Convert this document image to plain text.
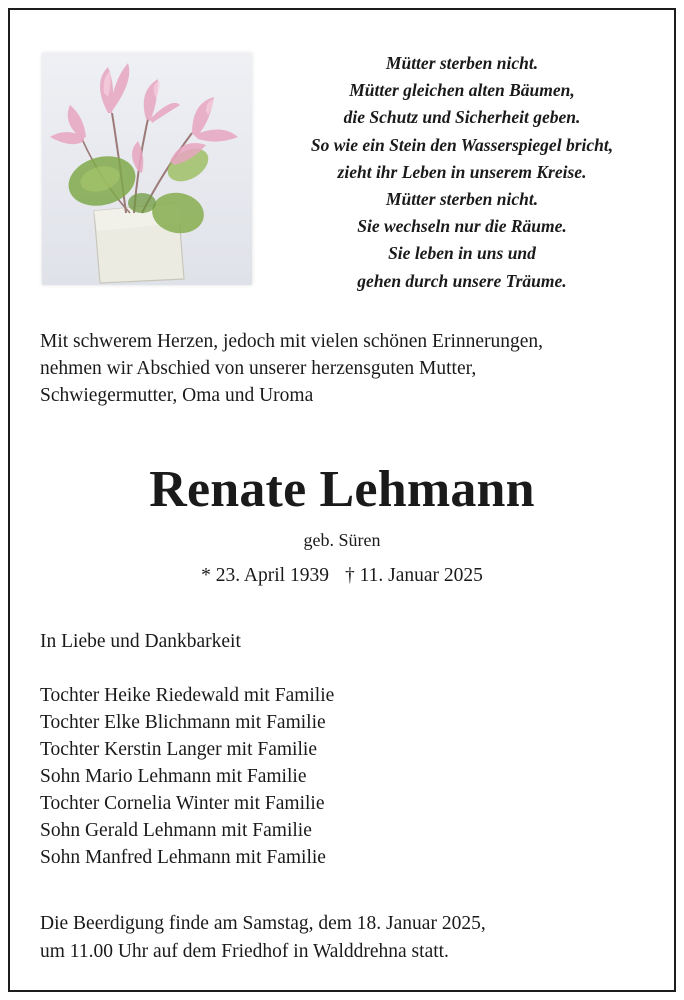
Mütter sterben nicht.
Mütter gleichen alten Bäumen,
die Schutz und Sicherheit geben.
So wie ein Stein den Wasserspiegel bricht,
zieht ihr Leben in unserem Kreise.
Mütter sterben nicht.
Sie wechseln nur die Räume.
Sie leben in uns und
gehen durch unsere Träume.
Mit schwerem Herzen, jedoch mit vielen schönen Erinnerungen,
nehmen wir Abschied von unserer herzensguten Mutter,
Schwiegermutter, Oma und Uroma
Renate Lehmann
geb. Süren
* 23. April 1939 † 11. Januar 2025
In Liebe und Dankbarkeit
Tochter Heike Riedewald mit Familie
Tochter Elke Blichmann mit Familie
Tochter Kerstin Langer mit Familie
Sohn Mario Lehmann mit Familie
Tochter Cornelia Winter mit Familie
Sohn Gerald Lehmann mit Familie
Sohn Manfred Lehmann mit Familie
Die Beerdigung finde am Samstag, dem 18. Januar 2025,
um 11.00 Uhr auf dem Friedhof in Walddrehna statt.
